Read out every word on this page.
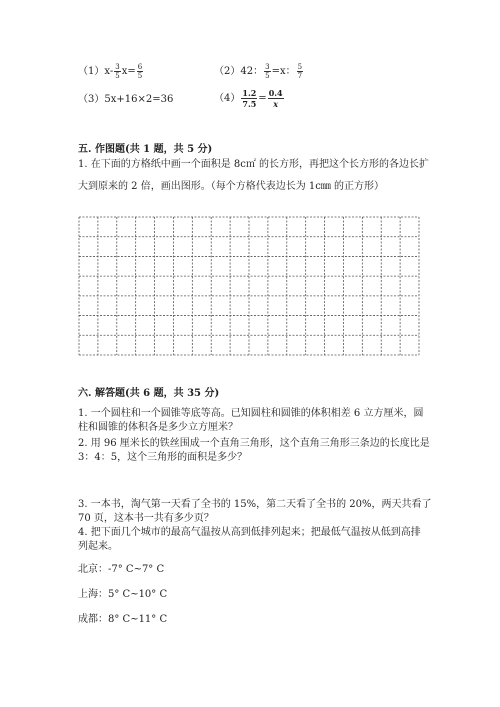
$(1)x- \frac{3}{5} x= \frac{6}{5}$	（2）42： $\frac{3}{5} =x$： $\frac{5}{7}$
（3）5x+16×2=36	$(4) \frac{1.2}{7.5} = \frac{0.4}{x}$
五. 作图题(共 1 题，共 5 分)
1. 在下面的方格纸中画一个面积是 8c㎡ 的长方形，再把这个长方形的各边长扩
大到原来的 2 倍，画出图形。（每个方格代表边长为 1c㎜ 的正方形）
六. 解答题(共 6 题，共 35 分)
1. 一个圆柱和一个圆锥等底等高。已知圆柱和圆锥的体积相差 6 立方厘米，圆
柱和圆锥的体积各是多少立方厘米？
2. 用 96 厘米长的铁丝围成一个直角三角形，这个直角三角形三条边的长度比是
3：4：5，这个三角形的面积是多少？
3. 一本书，淘气第一天看了全书的 15%，第二天看了全书的 20%，两天共看了
70 页，这本书一共有多少页？
4. 把下面几个城市的最高气温按从高到低排列起来；把最低气温按从低到高排
列起来。
北京：-7° C~7° C
上海：5° C~10° C
成都：8° C~11° C
